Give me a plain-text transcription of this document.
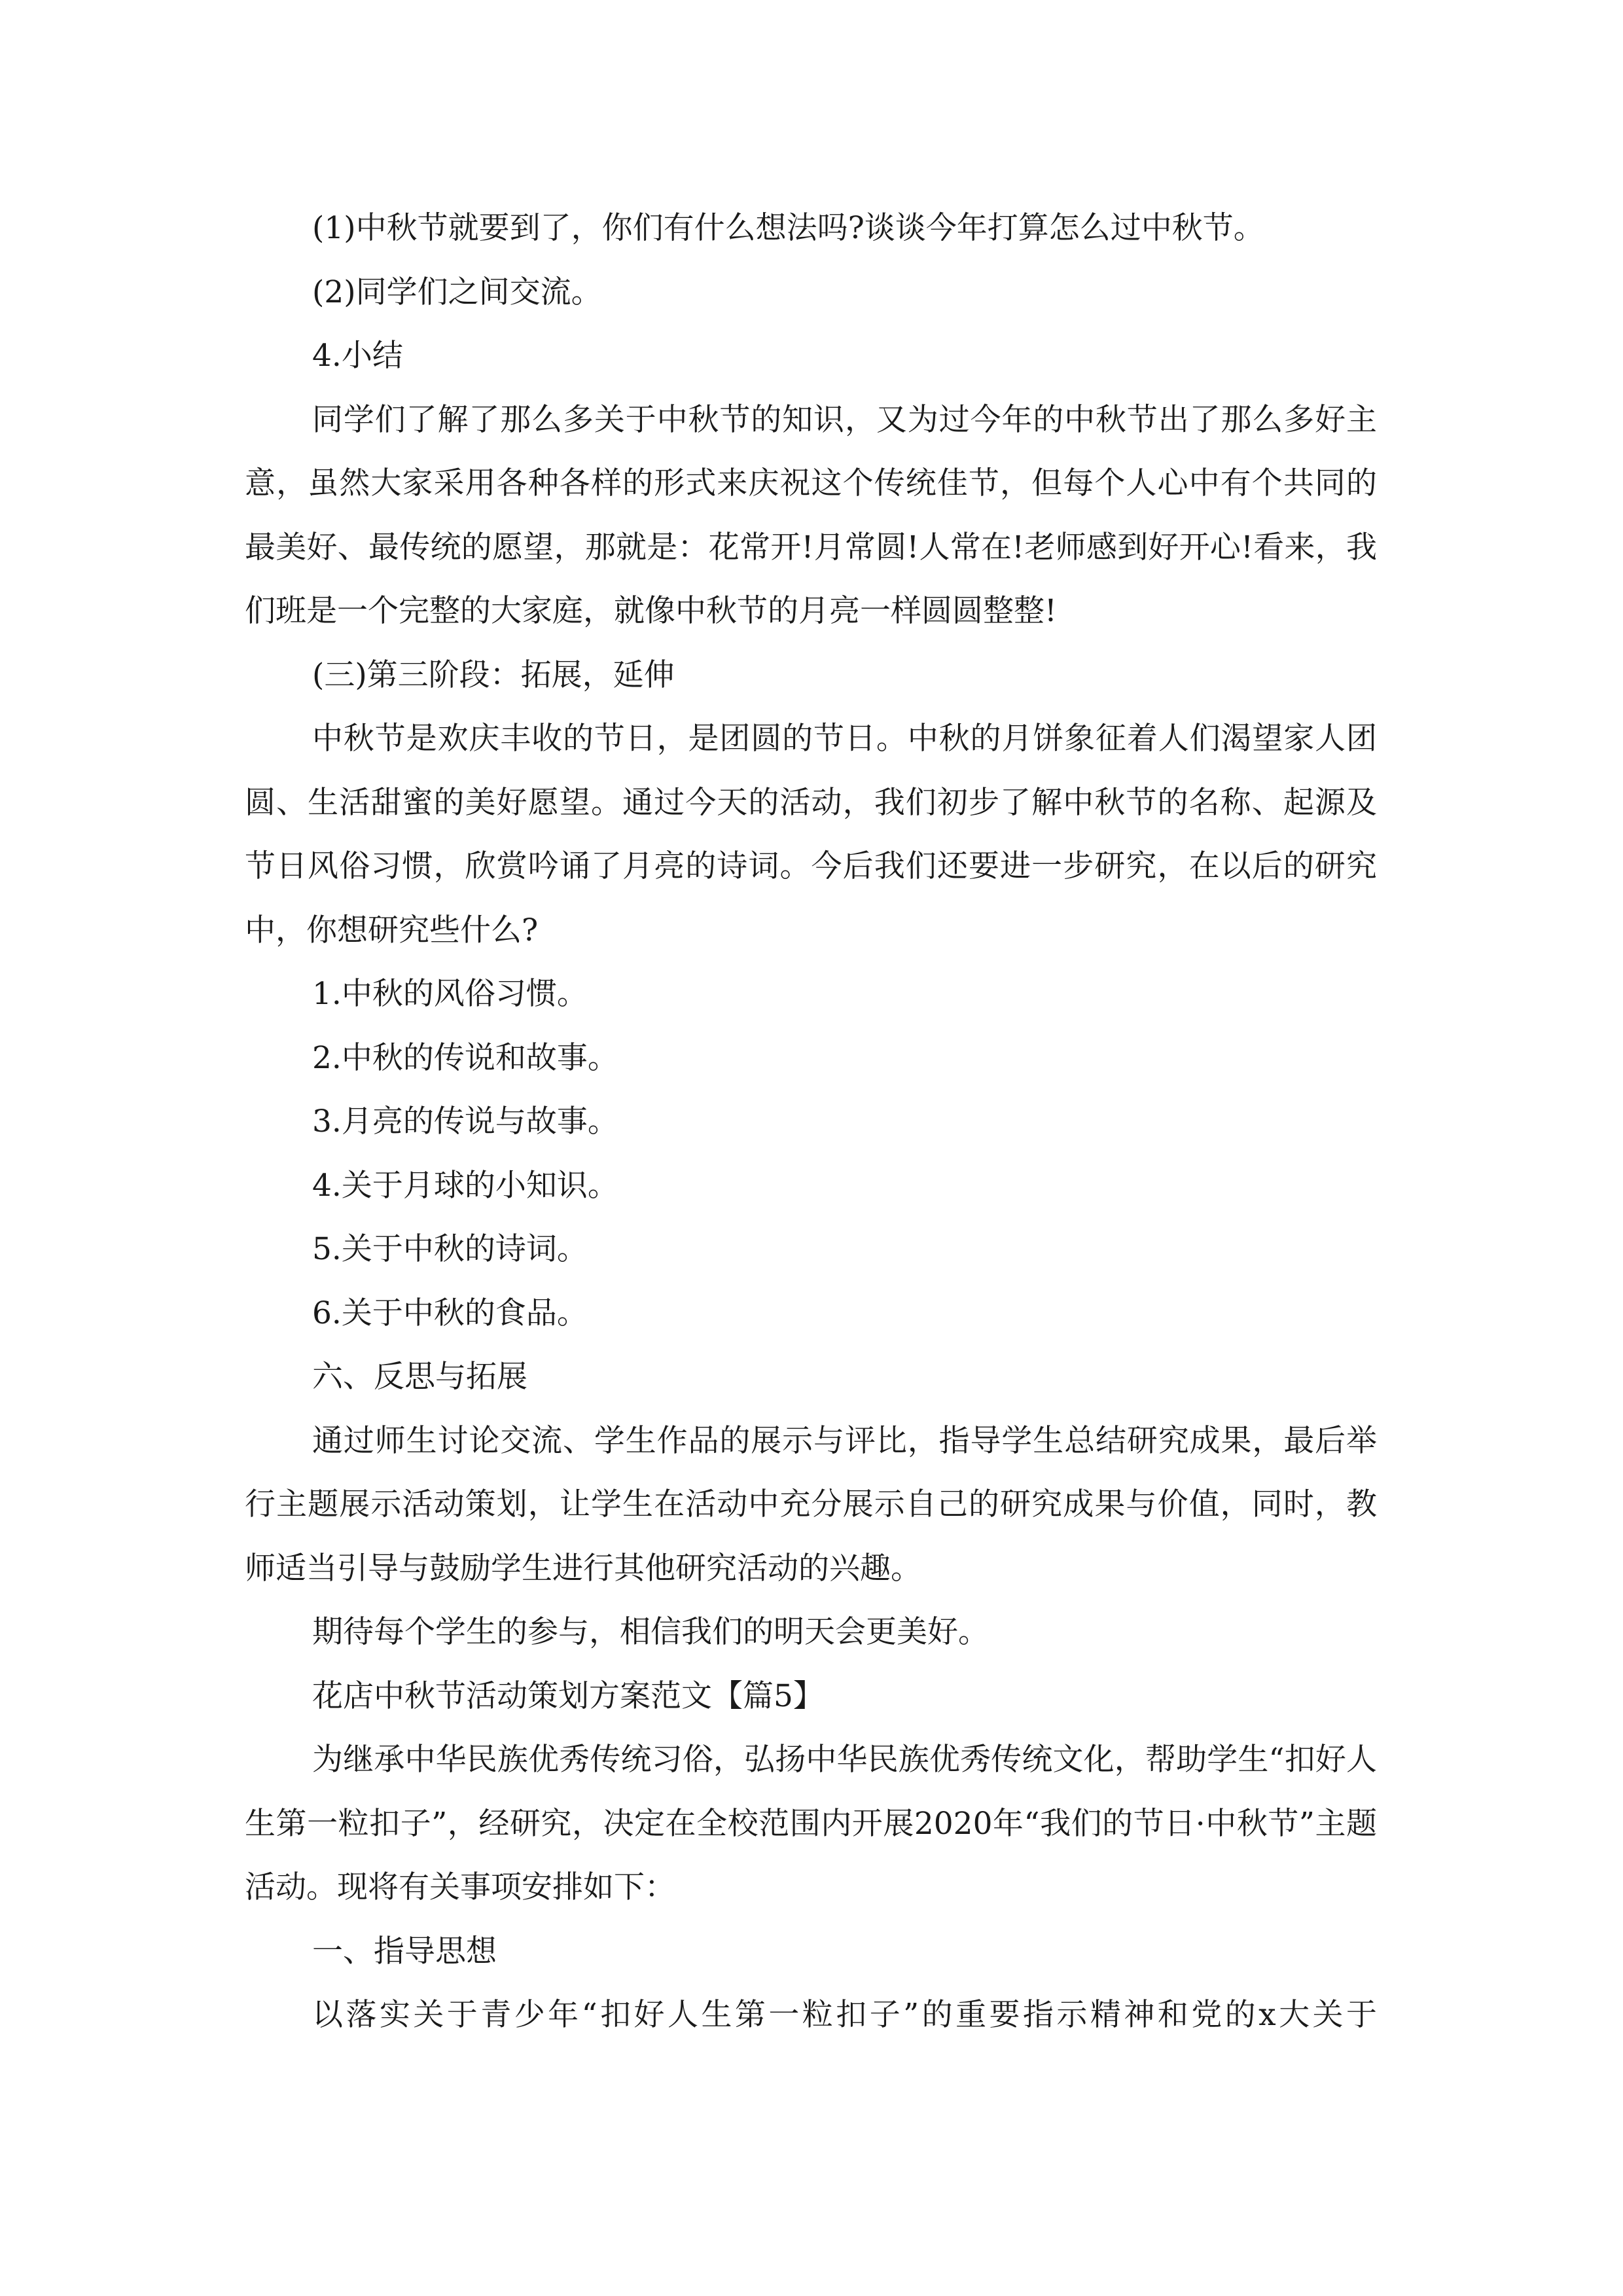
(1)中秋节就要到了，你们有什么想法吗?谈谈今年打算怎么过中秋节。

(2)同学们之间交流。

4.小结

同学们了解了那么多关于中秋节的知识，又为过今年的中秋节出了那么多好主意，虽然大家采用各种各样的形式来庆祝这个传统佳节，但每个人心中有个共同的最美好、最传统的愿望，那就是：花常开!月常圆!人常在!老师感到好开心!看来，我们班是一个完整的大家庭，就像中秋节的月亮一样圆圆整整!

(三)第三阶段：拓展，延伸

中秋节是欢庆丰收的节日，是团圆的节日。中秋的月饼象征着人们渴望家人团圆、生活甜蜜的美好愿望。通过今天的活动，我们初步了解中秋节的名称、起源及节日风俗习惯，欣赏吟诵了月亮的诗词。今后我们还要进一步研究，在以后的研究中，你想研究些什么?

1.中秋的风俗习惯。

2.中秋的传说和故事。

3.月亮的传说与故事。

4.关于月球的小知识。

5.关于中秋的诗词。

6.关于中秋的食品。

六、反思与拓展

通过师生讨论交流、学生作品的展示与评比，指导学生总结研究成果，最后举行主题展示活动策划，让学生在活动中充分展示自己的研究成果与价值，同时，教师适当引导与鼓励学生进行其他研究活动的兴趣。

期待每个学生的参与，相信我们的明天会更美好。

花店中秋节活动策划方案范文【篇5】

为继承中华民族优秀传统习俗，弘扬中华民族优秀传统文化，帮助学生“扣好人生第一粒扣子”，经研究，决定在全校范围内开展2020年“我们的节日·中秋节”主题活动。现将有关事项安排如下：

一、指导思想

以落实关于青少年“扣好人生第一粒扣子”的重要指示精神和党的x大关于
